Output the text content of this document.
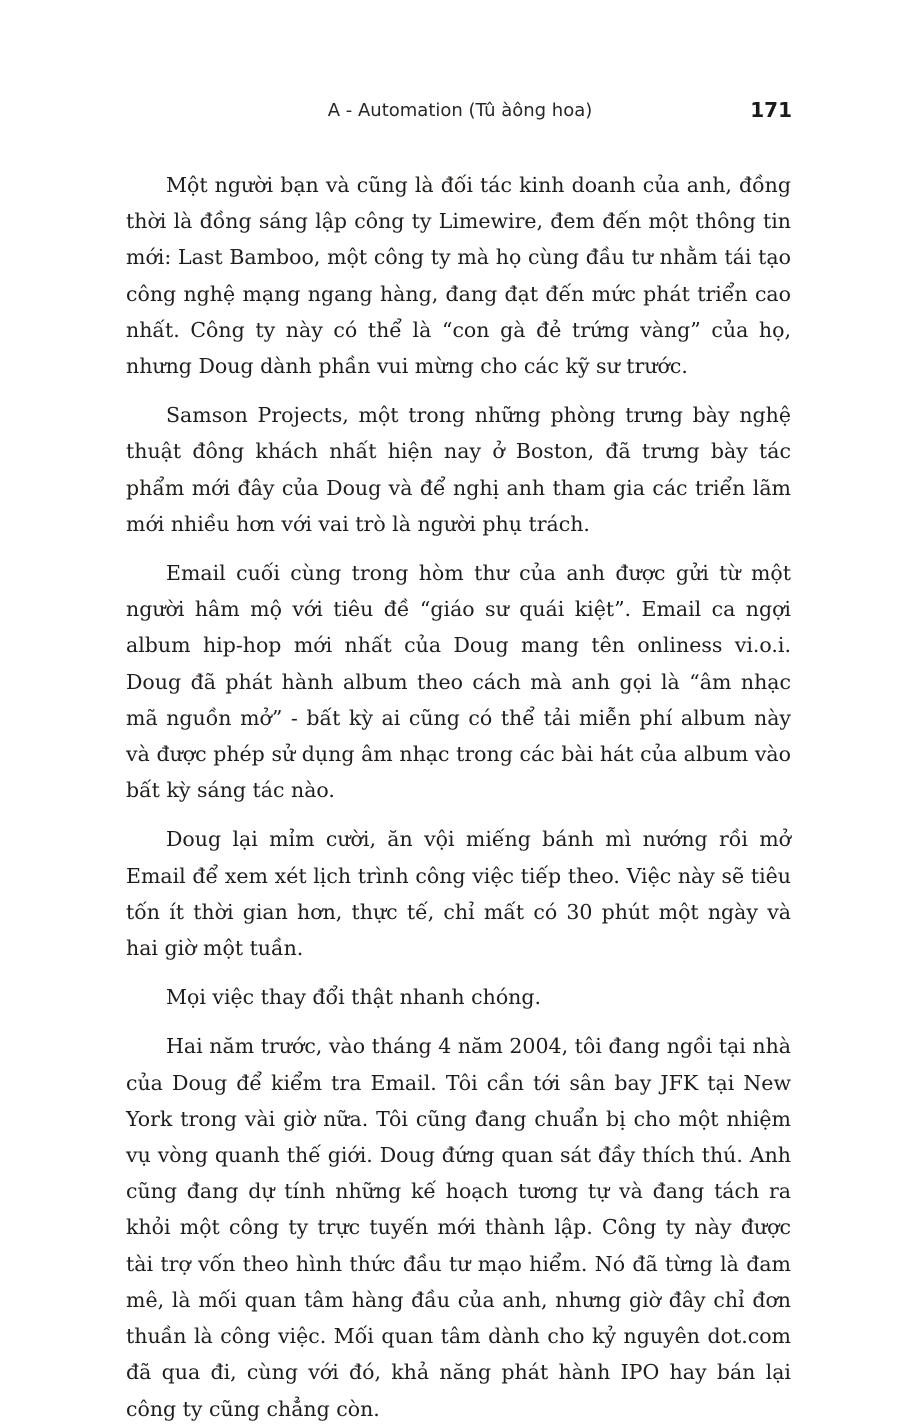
A - Automation (Tû àông hoa)	171

Một người bạn và cũng là đối tác kinh doanh của anh, đồng thời là đồng sáng lập công ty Limewire, đem đến một thông tin mới: Last Bamboo, một công ty mà họ cùng đầu tư nhằm tái tạo công nghệ mạng ngang hàng, đang đạt đến mức phát triển cao nhất. Công ty này có thể là “con gà đẻ trứng vàng” của họ, nhưng Doug dành phần vui mừng cho các kỹ sư trước.

Samson Projects, một trong những phòng trưng bày nghệ thuật đông khách nhất hiện nay ở Boston, đã trưng bày tác phẩm mới đây của Doug và để nghị anh tham gia các triển lãm mới nhiều hơn với vai trò là người phụ trách.

Email cuối cùng trong hòm thư của anh được gửi từ một người hâm mộ với tiêu đề “giáo sư quái kiệt”. Email ca ngợi album hip-hop mới nhất của Doug mang tên onliness vi.o.i. Doug đã phát hành album theo cách mà anh gọi là “âm nhạc mã nguồn mở” - bất kỳ ai cũng có thể tải miễn phí album này và được phép sử dụng âm nhạc trong các bài hát của album vào bất kỳ sáng tác nào.

Doug lại mỉm cười, ăn vội miếng bánh mì nướng rồi mở Email để xem xét lịch trình công việc tiếp theo. Việc này sẽ tiêu tốn ít thời gian hơn, thực tế, chỉ mất có 30 phút một ngày và hai giờ một tuần.

Mọi việc thay đổi thật nhanh chóng.

Hai năm trước, vào tháng 4 năm 2004, tôi đang ngồi tại nhà của Doug để kiểm tra Email. Tôi cần tới sân bay JFK tại New York trong vài giờ nữa. Tôi cũng đang chuẩn bị cho một nhiệm vụ vòng quanh thế giới. Doug đứng quan sát đầy thích thú. Anh cũng đang dự tính những kế hoạch tương tự và đang tách ra khỏi một công ty trực tuyến mới thành lập. Công ty này được tài trợ vốn theo hình thức đầu tư mạo hiểm. Nó đã từng là đam mê, là mối quan tâm hàng đầu của anh, nhưng giờ đây chỉ đơn thuần là công việc. Mối quan tâm dành cho kỷ nguyên dot.com đã qua đi, cùng với đó, khả năng phát hành IPO hay bán lại công ty cũng chẳng còn.
